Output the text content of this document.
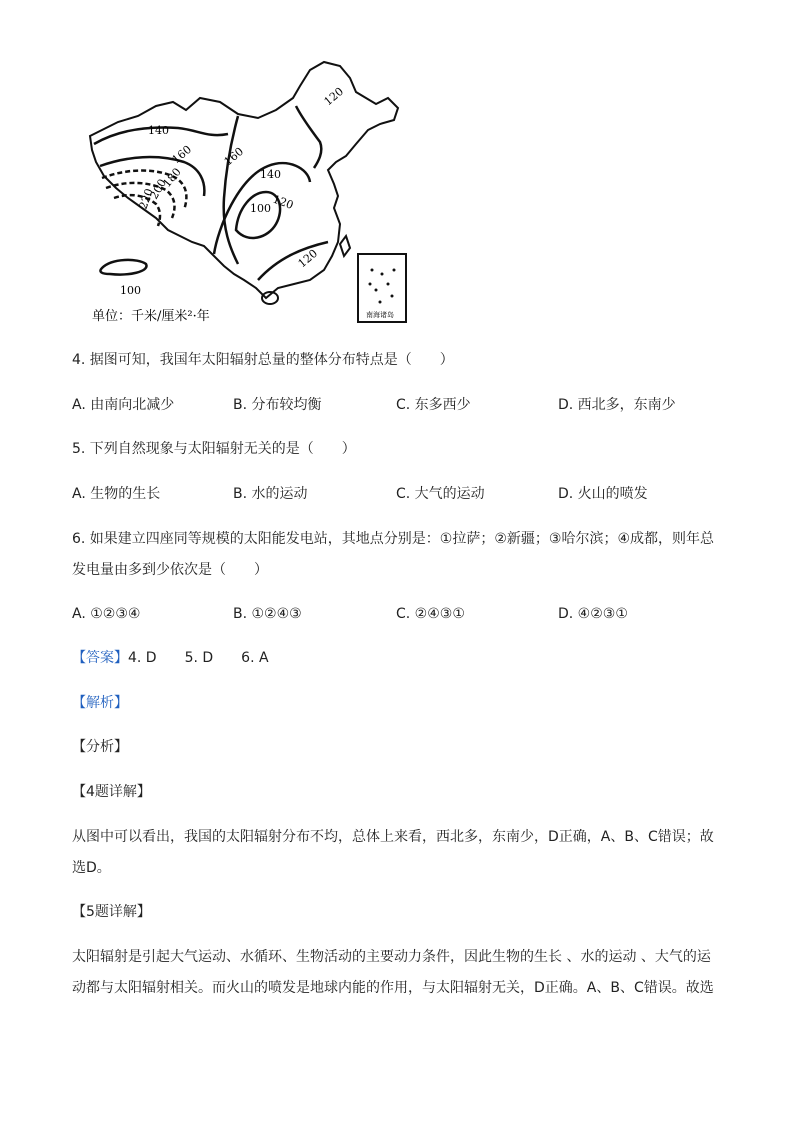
140
160	160
180
200
220
140
120
100
120
120
100
南海诸岛
单位：千米/厘米²·年
4. 据图可知，我国年太阳辐射总量的整体分布特点是（　　）
A. 由南向北减少	B. 分布较均衡	C. 东多西少	D. 西北多，东南少
5. 下列自然现象与太阳辐射无关的是（　　）
A. 生物的生长	B. 水的运动	C. 大气的运动	D. 火山的喷发
6. 如果建立四座同等规模的太阳能发电站，其地点分别是：①拉萨；②新疆；③哈尔滨；④成都，则年总发电量由多到少依次是（　　）
A. ①②③④	B. ①②④③	C. ②④③①	D. ④②③①
【答案】4. D　　5. D　　6. A
【解析】
【分析】
【4题详解】
从图中可以看出，我国的太阳辐射分布不均，总体上来看，西北多，东南少，D正确，A、B、C错误；故选D。
【5题详解】
太阳辐射是引起大气运动、水循环、生物活动的主要动力条件，因此生物的生长 、水的运动 、大气的运动都与太阳辐射相关。而火山的喷发是地球内能的作用，与太阳辐射无关，D正确。A、B、C错误。故选
